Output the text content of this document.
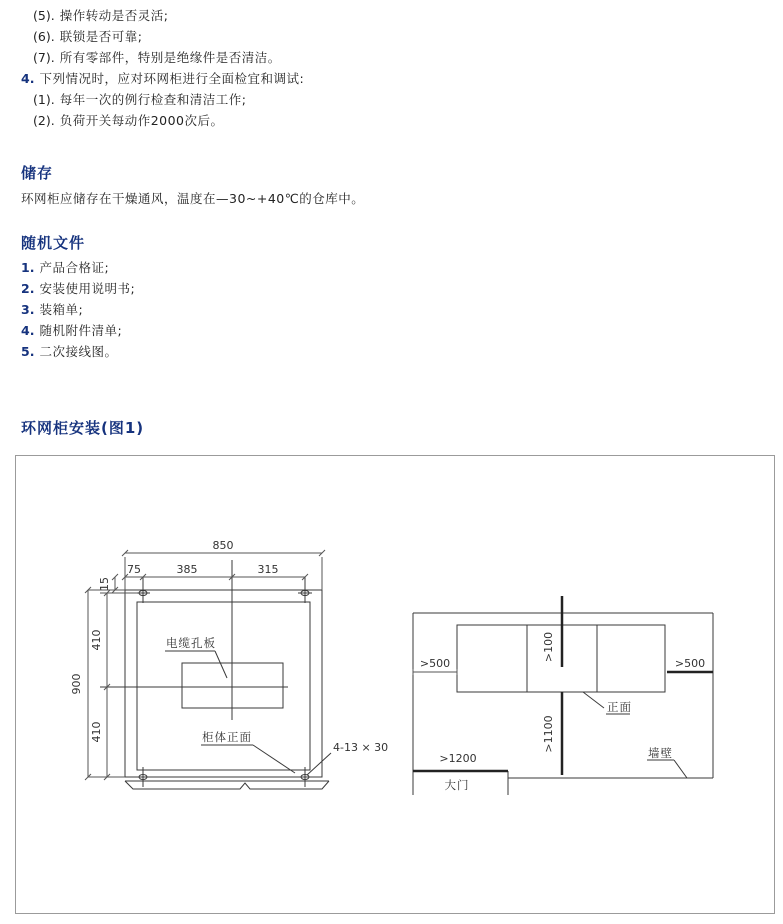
(5). 操作转动是否灵活;
(6). 联锁是否可靠;
(7). 所有零部件，特别是绝缘件是否清洁。
4. 下列情况时，应对环网柜进行全面检宜和调试:
(1). 每年一次的例行检查和清洁工作;
(2). 负荷开关每动作2000次后。
储存
环网柜应储存在干燥通风，温度在—30~+40℃的仓库中。
随机文件
1. 产品合格证;
2. 安装使用说明书;
3. 装箱单;
4. 随机附件清单;
5. 二次接线图。
环网柜安装(图1)
850
75	385	315
15
410
900
410
4-13 × 30
电缆孔板
柜体正面
>500	>500
>100
>1100
>1200
大门
正面
墙壁
